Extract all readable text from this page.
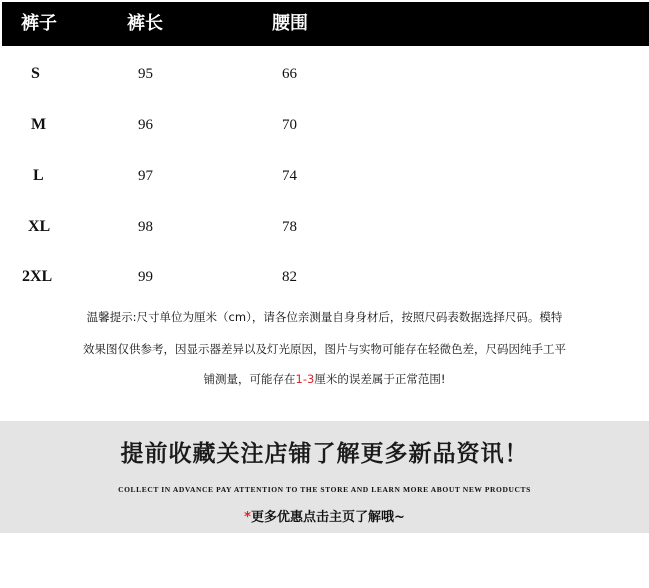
裤子	裤长	腰围
S	95	66
M	96	70
L	97	74
XL	98	78
2XL	99	82
温馨提示:尺寸单位为厘米（cm），请各位亲测量自身身材后，按照尺码表数据选择尺码。模特
效果图仅供参考，因显示器差异以及灯光原因，图片与实物可能存在轻微色差，尺码因纯手工平
铺测量，可能存在1-3厘米的误差属于正常范围!
提前收藏关注店铺了解更多新品资讯！
COLLECT IN ADVANCE PAY ATTENTION TO THE STORE AND LEARN MORE ABOUT NEW PRODUCTS
*更多优惠点击主页了解哦~
